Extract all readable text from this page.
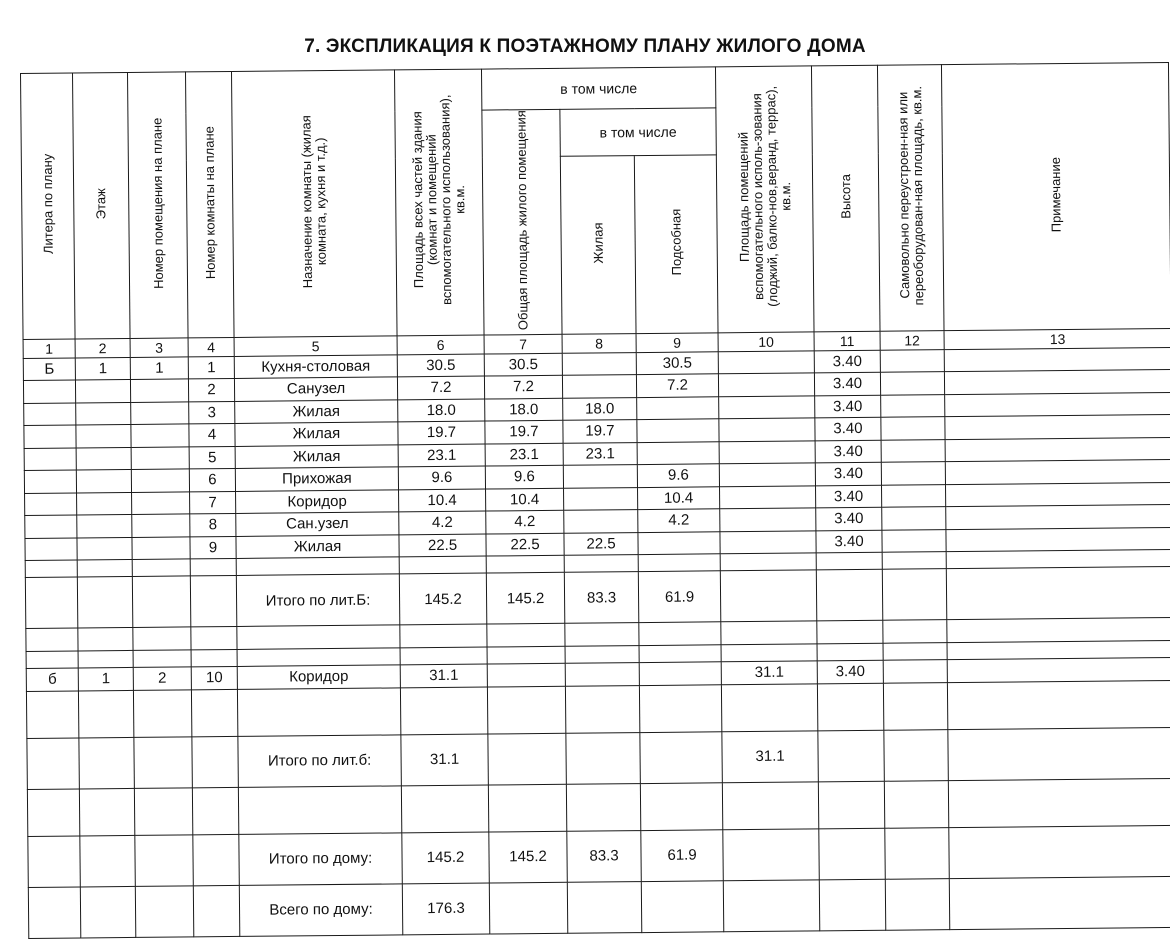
7. ЭКСПЛИКАЦИЯ К ПОЭТАЖНОМУ ПЛАНУ ЖИЛОГО ДОМА
Литера по плану	Этаж	Номер помещения на плане	Номер комнаты на плане	Назначение комнаты (жилая комната, кухня и т.д.)	Площадь всех частей здания (комнат и помещений вспомогательного использования), кв.м.	в том числе			Площадь помещений вспомогательного исполь-зования (лоджий, балко-нов,веранд, террас), кв.м.	Высота	Самовольно переустроен-ная или переоборудован-ная площадь, кв.м.	Примечание
						Общая площадь жилого помещения	в том числе					
							Жилая	Подсобная				
1	2	3	4	5	6	7	8	9	10	11	12	13
Б	1	1	1	Кухня-столовая	30.5	30.5		30.5		3.40		
			2	Санузел	7.2	7.2		7.2		3.40		
			3	Жилая	18.0	18.0	18.0			3.40		
			4	Жилая	19.7	19.7	19.7			3.40		
			5	Жилая	23.1	23.1	23.1			3.40		
			6	Прихожая	9.6	9.6		9.6		3.40		
			7	Коридор	10.4	10.4		10.4		3.40		
			8	Сан.узел	4.2	4.2		4.2		3.40		
			9	Жилая	22.5	22.5	22.5			3.40		

				Итого по лит.Б:	145.2	145.2	83.3	61.9				

б	1	2	10	Коридор	31.1				31.1	3.40		

				Итого по лит.б:	31.1				31.1			

				Итого по дому:	145.2	145.2	83.3	61.9				
				Всего по дому:	176.3							
